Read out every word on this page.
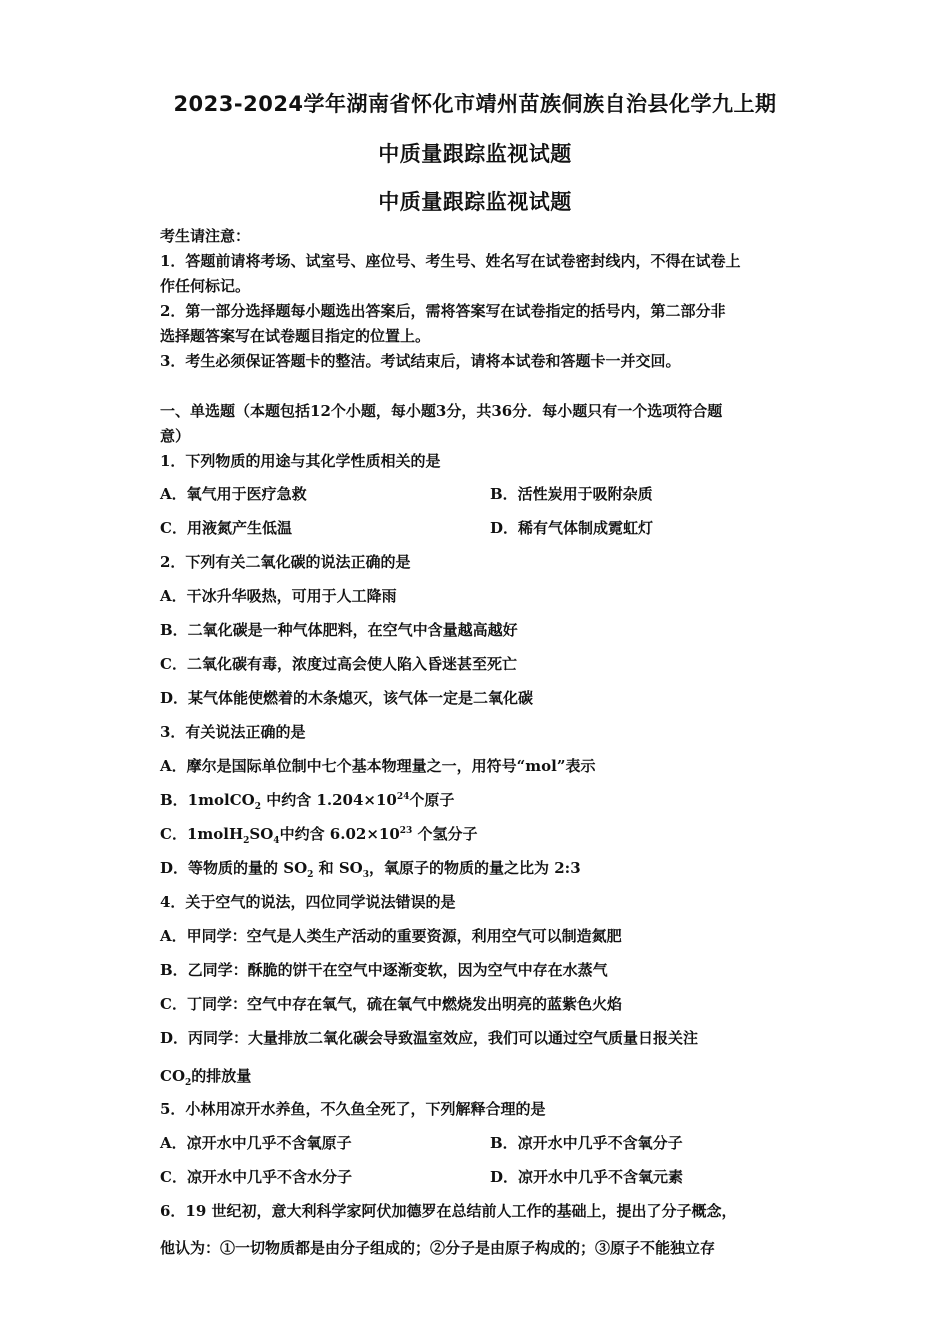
2023-2024学年湖南省怀化市靖州苗族侗族自治县化学九上期
中质量跟踪监视试题
中质量跟踪监视试题
考生请注意：
1．答题前请将考场、试室号、座位号、考生号、姓名写在试卷密封线内，不得在试卷上
作任何标记。
2．第一部分选择题每小题选出答案后，需将答案写在试卷指定的括号内，第二部分非
选择题答案写在试卷题目指定的位置上。
3．考生必须保证答题卡的整洁。考试结束后，请将本试卷和答题卡一并交回。
一、单选题（本题包括12个小题，每小题3分，共36分．每小题只有一个选项符合题
意）
1．下列物质的用途与其化学性质相关的是
A．氧气用于医疗急救	B．活性炭用于吸附杂质
C．用液氮产生低温	D．稀有气体制成霓虹灯
2．下列有关二氧化碳的说法正确的是
A．干冰升华吸热，可用于人工降雨
B．二氧化碳是一种气体肥料，在空气中含量越高越好
C．二氧化碳有毒，浓度过高会使人陷入昏迷甚至死亡
D．某气体能使燃着的木条熄灭，该气体一定是二氧化碳
3．有关说法正确的是
A．摩尔是国际单位制中七个基本物理量之一，用符号“mol”表示
B．1molCO$_2$ 中约含 $1.204\times 10^{24}$个原子
C．$1molH_2SO_4$中约含 $6.02\times 10^{23}$ 个氢分子
D．等物质的量的 $SO_2$ 和 $SO_3$，氧原子的物质的量之比为 2:3
4．关于空气的说法，四位同学说法错误的是
A．甲同学：空气是人类生产活动的重要资源，利用空气可以制造氮肥
B．乙同学：酥脆的饼干在空气中逐渐变软，因为空气中存在水蒸气
C．丁同学：空气中存在氧气，硫在氧气中燃烧发出明亮的蓝紫色火焰
D．丙同学：大量排放二氧化碳会导致温室效应，我们可以通过空气质量日报关注
$CO_2$的排放量
5．小林用凉开水养鱼，不久鱼全死了，下列解释合理的是
A．凉开水中几乎不含氧原子	B．凉开水中几乎不含氧分子
C．凉开水中几乎不含水分子	D．凉开水中几乎不含氧元素
6．19 世纪初，意大利科学家阿伏加德罗在总结前人工作的基础上，提出了分子概念，
他认为：①一切物质都是由分子组成的；②分子是由原子构成的；③原子不能独立存
